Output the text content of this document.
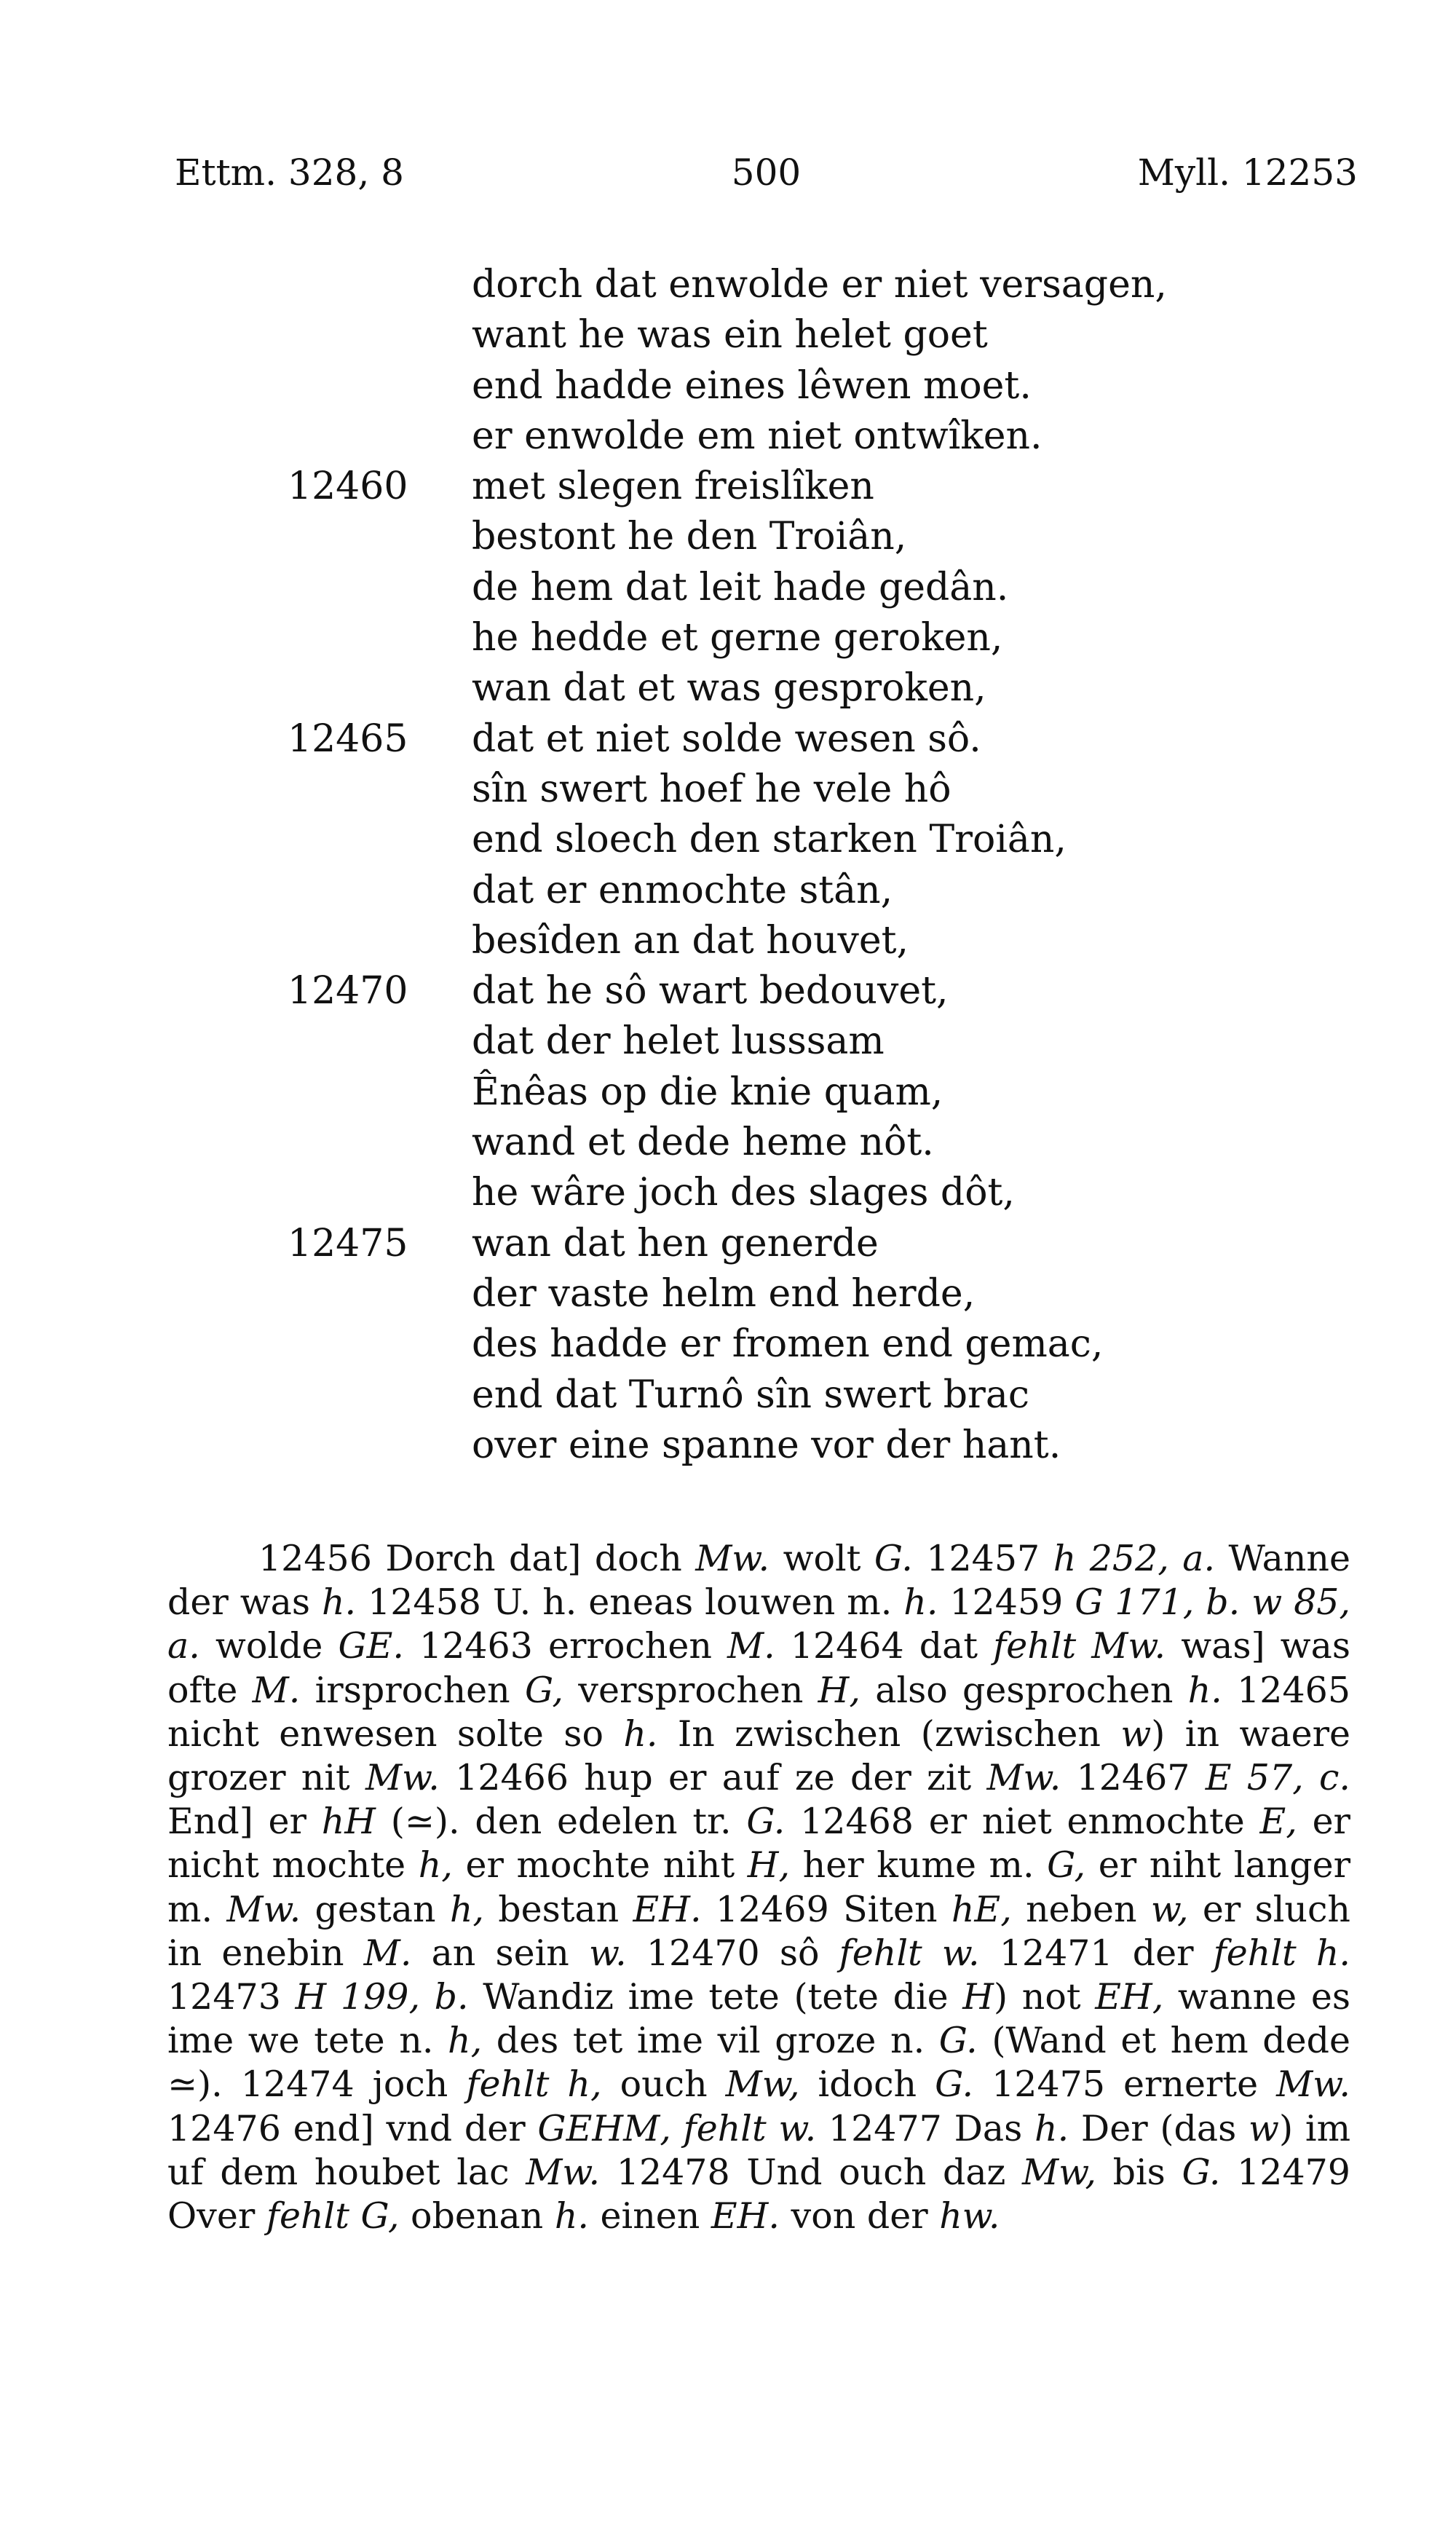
Ettm. 328, 8	500	Myll. 12253
dorch dat enwolde er niet versagen,
want he was ein helet goet
end hadde eines lêwen moet.
er enwolde em niet ontwîken.
12460 met slegen freislîken
bestont he den Troiân,
de hem dat leit hade gedân.
he hedde et gerne geroken,
wan dat et was gesproken,
12465 dat et niet solde wesen sô.
sîn swert hoef he vele hô
end sloech den starken Troiân,
dat er enmochte stân,
besîden an dat houvet,
12470 dat he sô wart bedouvet,
dat der helet lusssam
Ênêas op die knie quam,
wand et dede heme nôt.
he wâre joch des slages dôt,
12475 wan dat hen generde
der vaste helm end herde,
des hadde er fromen end gemac,
end dat Turnô sîn swert brac
over eine spanne vor der hant.

12456 Dorch dat] doch Mw. wolt G. 12457 h 252, a. Wanne der was h. 12458 U. h. eneas louwen m. h. 12459 G 171, b. w 85, a. wolde GE. 12463 errochen M. 12464 dat fehlt Mw. was] was ofte M. irsprochen G, versprochen H, also gesprochen h. 12465 nicht enwesen solte so h. In zwischen (zwischen w) in waere grozer nit Mw. 12466 hup er auf ze der zit Mw. 12467 E 57, c. End] er hH (≃). den edelen tr. G. 12468 er niet enmochte E, er nicht mochte h, er mochte niht H, her kume m. G, er niht langer m. Mw. gestan h, bestan EH. 12469 Siten hE, neben w, er sluch in enebin M. an sein w. 12470 sô fehlt w. 12471 der fehlt h. 12473 H 199, b. Wandiz ime tete (tete die H) not EH, wanne es ime we tete n. h, des tet ime vil groze n. G. (Wand et hem dede ≃). 12474 joch fehlt h, ouch Mw, idoch G. 12475 ernerte Mw. 12476 end] vnd der GEHM, fehlt w. 12477 Das h. Der (das w) im uf dem houbet lac Mw. 12478 Und ouch daz Mw, bis G. 12479 Over fehlt G, obenan h. einen EH. von der hw.
